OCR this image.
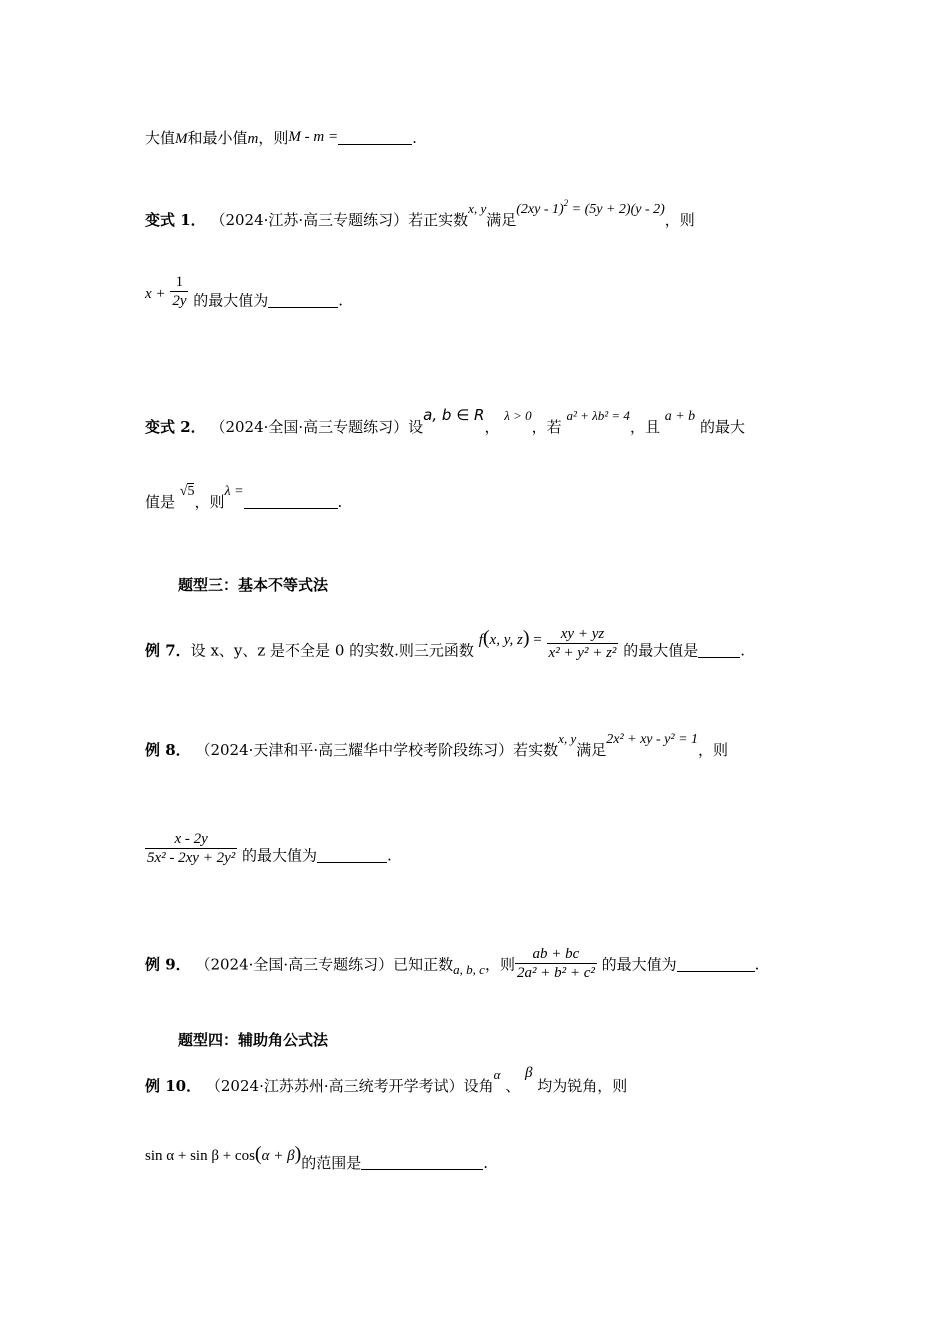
大值M和最小值m，则M - m =	.
变式 1． （2024·江苏·高三专题练习）若正实数x, y满足(2xy - 1)$^2$ = (5y + 2)(y - 2)，则
$x + \frac{1}{2y}$ 的最大值为	.
变式 2． （2024·全国·高三专题练习）设a, b ∈ R， λ > 0，若 a² + λb² = 4，且 a + b 的最大
值是 √5，则λ =.
题型三：基本不等式法
例 7．设 x、y、z 是不全是 0 的实数.则三元函数 f(x, y, $z) = \frac{xy + yz}{\text{x² + y² + z²}}$ 的最大值是	.
例 8． （2024·天津和平·高三耀华中学校考阶段练习）若实数x, y满足2x² + xy - y² = 1，则
$\frac{x - 2y}{\text{5x² - 2xy + 2y²}}$ 的最大值为	.
例 9． （2024·全国·高三专题练习）已知正数a, b, c，则 $\frac{ab + bc}{\text{2a² + b² + c²}}$ 的最大值为	.
题型四：辅助角公式法
例 10． （2024·江苏苏州·高三统考开学考试）设角α 、 β 均为锐角，则
sin α + sin β + cos(α + β)的范围是	.
